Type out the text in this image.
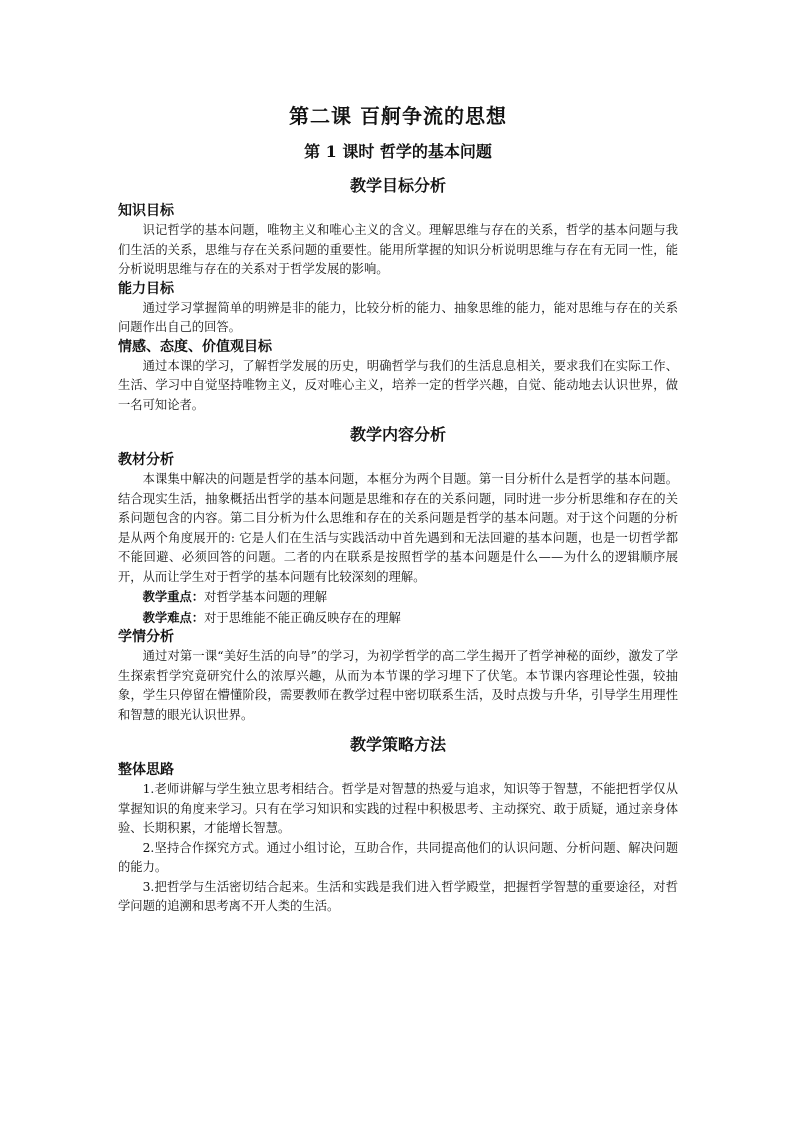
第二课 百舸争流的思想
第 1 课时 哲学的基本问题
教学目标分析
知识目标

识记哲学的基本问题，唯物主义和唯心主义的含义。理解思维与存在的关系，哲学的基本问题与我们生活的关系，思维与存在关系问题的重要性。能用所掌握的知识分析说明思维与存在有无同一性，能分析说明思维与存在的关系对于哲学发展的影响。

能力目标

通过学习掌握简单的明辨是非的能力，比较分析的能力、抽象思维的能力，能对思维与存在的关系问题作出自己的回答。

情感、态度、价值观目标

通过本课的学习，了解哲学发展的历史，明确哲学与我们的生活息息相关，要求我们在实际工作、生活、学习中自觉坚持唯物主义，反对唯心主义，培养一定的哲学兴趣，自觉、能动地去认识世界，做一名可知论者。

教学内容分析
教材分析

本课集中解决的问题是哲学的基本问题，本框分为两个目题。第一目分析什么是哲学的基本问题。结合现实生活，抽象概括出哲学的基本问题是思维和存在的关系问题，同时进一步分析思维和存在的关系问题包含的内容。第二目分析为什么思维和存在的关系问题是哲学的基本问题。对于这个问题的分析是从两个角度展开的: 它是人们在生活与实践活动中首先遇到和无法回避的基本问题，也是一切哲学都不能回避、必须回答的问题。二者的内在联系是按照哲学的基本问题是什么——为什么的逻辑顺序展开，从而让学生对于哲学的基本问题有比较深刻的理解。

教学重点：对哲学基本问题的理解

教学难点：对于思维能不能正确反映存在的理解

学情分析

通过对第一课“美好生活的向导”的学习，为初学哲学的高二学生揭开了哲学神秘的面纱，激发了学生探索哲学究竟研究什么的浓厚兴趣，从而为本节课的学习埋下了伏笔。本节课内容理论性强，较抽象，学生只停留在懵懂阶段，需要教师在教学过程中密切联系生活，及时点拨与升华，引导学生用理性和智慧的眼光认识世界。

教学策略方法
整体思路

1.老师讲解与学生独立思考相结合。哲学是对智慧的热爱与追求，知识等于智慧，不能把哲学仅从掌握知识的角度来学习。只有在学习知识和实践的过程中积极思考、主动探究、敢于质疑，通过亲身体验、长期积累，才能增长智慧。

2.坚持合作探究方式。通过小组讨论，互助合作，共同提高他们的认识问题、分析问题、解决问题的能力。

3.把哲学与生活密切结合起来。生活和实践是我们进入哲学殿堂，把握哲学智慧的重要途径，对哲学问题的追溯和思考离不开人类的生活。
